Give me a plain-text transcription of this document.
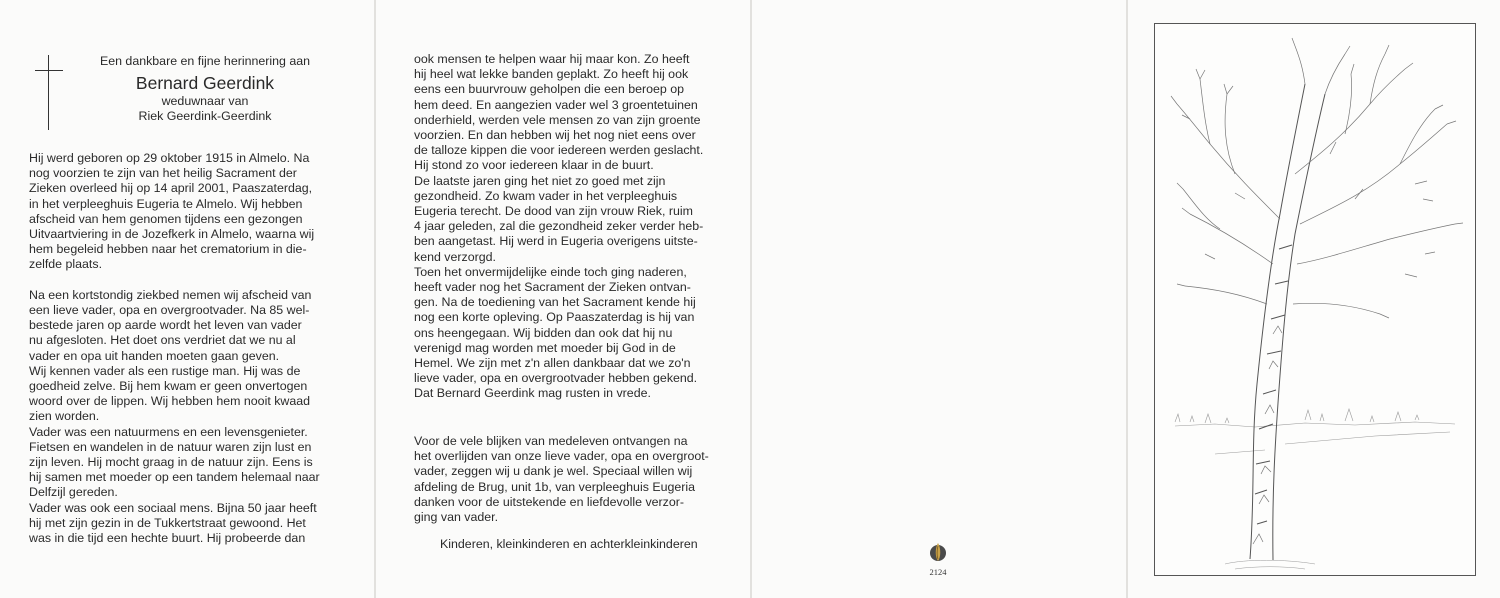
Een dankbare en fijne herinnering aan
Bernard Geerdink
weduwnaar van
Riek Geerdink-Geerdink

Hij werd geboren op 29 oktober 1915 in Almelo. Na

nog voorzien te zijn van het heilig Sacrament der

Zieken overleed hij op 14 april 2001, Paaszaterdag,

in het verpleeghuis Eugeria te Almelo. Wij hebben

afscheid van hem genomen tijdens een gezongen

Uitvaartviering in de Jozefkerk in Almelo, waarna wij

hem begeleid hebben naar het crematorium in die-

zelfde plaats.

Na een kortstondig ziekbed nemen wij afscheid van

een lieve vader, opa en overgrootvader. Na 85 wel-

bestede jaren op aarde wordt het leven van vader

nu afgesloten. Het doet ons verdriet dat we nu al

vader en opa uit handen moeten gaan geven.

Wij kennen vader als een rustige man. Hij was de

goedheid zelve. Bij hem kwam er geen onvertogen

woord over de lippen. Wij hebben hem nooit kwaad

zien worden.

Vader was een natuurmens en een levensgenieter.

Fietsen en wandelen in de natuur waren zijn lust en

zijn leven. Hij mocht graag in de natuur zijn. Eens is

hij samen met moeder op een tandem helemaal naar

Delfzijl gereden.

Vader was ook een sociaal mens. Bijna 50 jaar heeft

hij met zijn gezin in de Tukkertstraat gewoond. Het

was in die tijd een hechte buurt. Hij probeerde dan

ook mensen te helpen waar hij maar kon. Zo heeft

hij heel wat lekke banden geplakt. Zo heeft hij ook

eens een buurvrouw geholpen die een beroep op

hem deed. En aangezien vader wel 3 groentetuinen

onderhield, werden vele mensen zo van zijn groente

voorzien. En dan hebben wij het nog niet eens over

de talloze kippen die voor iedereen werden geslacht.

Hij stond zo voor iedereen klaar in de buurt.

De laatste jaren ging het niet zo goed met zijn

gezondheid. Zo kwam vader in het verpleeghuis

Eugeria terecht. De dood van zijn vrouw Riek, ruim

4 jaar geleden, zal die gezondheid zeker verder heb-

ben aangetast. Hij werd in Eugeria overigens uitste-

kend verzorgd.

Toen het onvermijdelijke einde toch ging naderen,

heeft vader nog het Sacrament der Zieken ontvan-

gen. Na de toediening van het Sacrament kende hij

nog een korte opleving. Op Paaszaterdag is hij van

ons heengegaan. Wij bidden dan ook dat hij nu

verenigd mag worden met moeder bij God in de

Hemel. We zijn met z'n allen dankbaar dat we zo'n

lieve vader, opa en overgrootvader hebben gekend.

Dat Bernard Geerdink mag rusten in vrede.

Voor de vele blijken van medeleven ontvangen na

het overlijden van onze lieve vader, opa en overgroot-

vader, zeggen wij u dank je wel. Speciaal willen wij

afdeling de Brug, unit 1b, van verpleeghuis Eugeria

danken voor de uitstekende en liefdevolle verzor-

ging van vader.

Kinderen, kleinkinderen en achterkleinkinderen
2124
